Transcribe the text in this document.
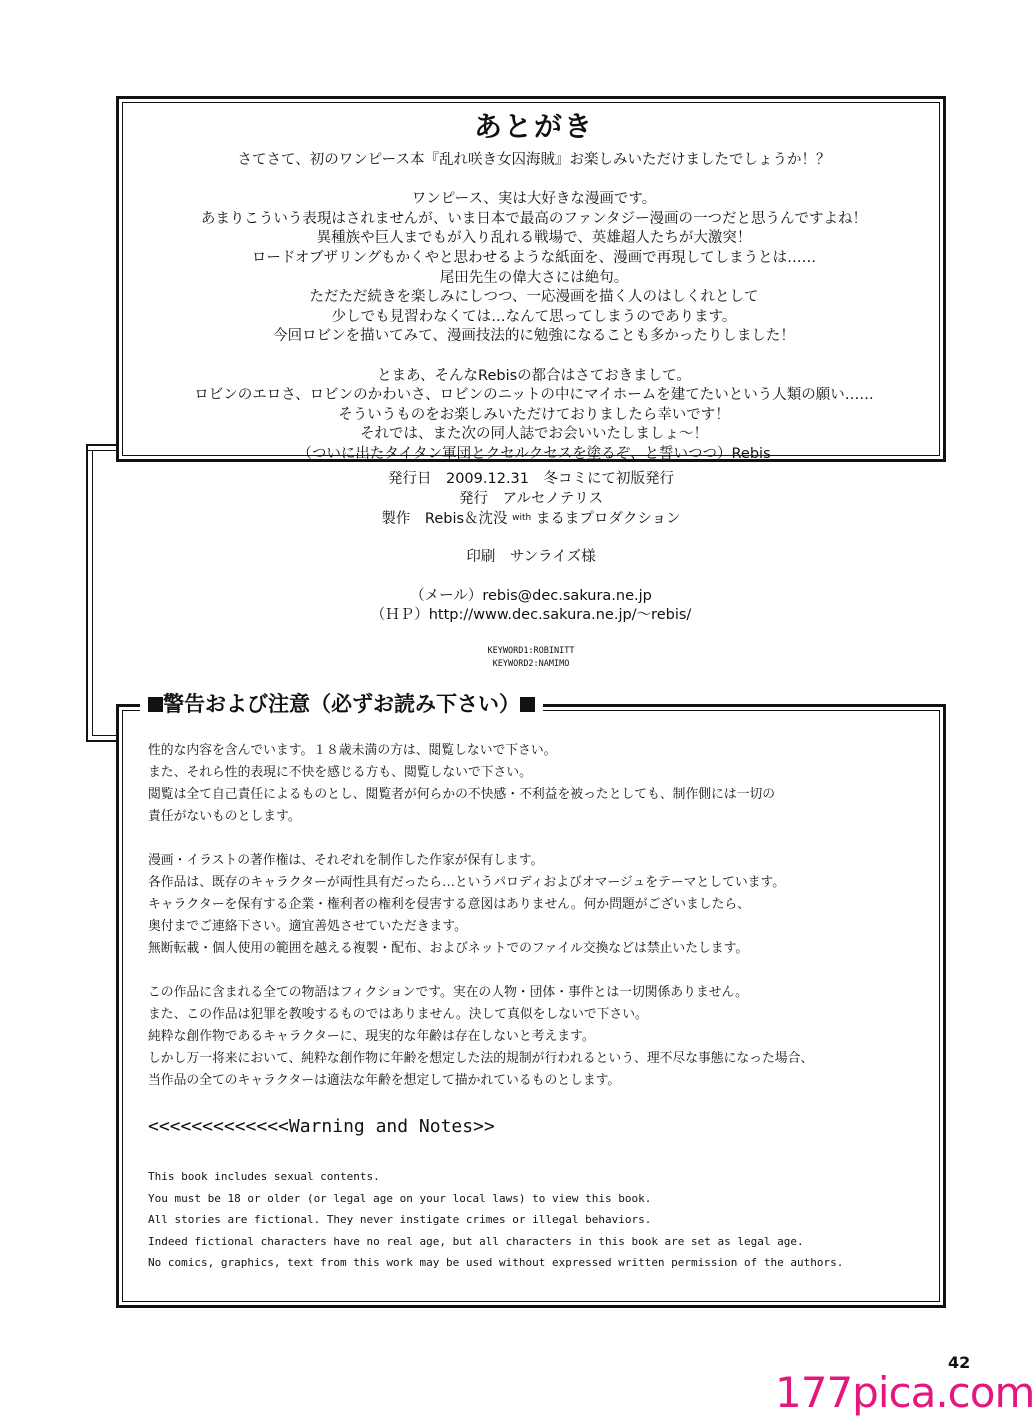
あとがき
さてさて、初のワンピース本『乱れ咲き女囚海賊』お楽しみいただけましたでしょうか！？

ワンピース、実は大好きな漫画です。
あまりこういう表現はされませんが、いま日本で最高のファンタジー漫画の一つだと思うんですよね！
異種族や巨人までもが入り乱れる戦場で、英雄超人たちが大激突！
ロードオブザリングもかくやと思わせるような紙面を、漫画で再現してしまうとは……
尾田先生の偉大さには絶句。
ただただ続きを楽しみにしつつ、一応漫画を描く人のはしくれとして
少しでも見習わなくては…なんて思ってしまうのであります。
今回ロビンを描いてみて、漫画技法的に勉強になることも多かったりしました！

とまあ、そんなRebisの都合はさておきまして。
ロビンのエロさ、ロビンのかわいさ、ロビンのニットの中にマイホームを建てたいという人類の願い……
そういうものをお楽しみいただけておりましたら幸いです！
それでは、また次の同人誌でお会いいたしましょ～！
（ついに出たタイタン軍団とクセルクセスを塗るぞ、と誓いつつ）Rebis
発行日　2009.12.31　冬コミにて初版発行
発行　アルセノテリス
製作　Rebis＆沈没 with まるまプロダクション
印刷　サンライズ様
（メール）rebis@dec.sakura.ne.jp
（ＨＰ）http://www.dec.sakura.ne.jp/～rebis/
KEYWORD1:ROBINITT
KEYWORD2:NAMIMO
警告および注意（必ずお読み下さい）
性的な内容を含んでいます。１８歳未満の方は、閲覧しないで下さい。
また、それら性的表現に不快を感じる方も、閲覧しないで下さい。
閲覧は全て自己責任によるものとし、閲覧者が何らかの不快感・不利益を被ったとしても、制作側には一切の
責任がないものとします。
漫画・イラストの著作権は、それぞれを制作した作家が保有します。
各作品は、既存のキャラクターが両性具有だったら…というパロディおよびオマージュをテーマとしています。
キャラクターを保有する企業・権利者の権利を侵害する意図はありません。何か問題がございましたら、
奥付までご連絡下さい。適宜善処させていただきます。
無断転載・個人使用の範囲を越える複製・配布、およびネットでのファイル交換などは禁止いたします。
この作品に含まれる全ての物語はフィクションです。実在の人物・団体・事件とは一切関係ありません。
また、この作品は犯罪を教唆するものではありません。決して真似をしないで下さい。
純粋な創作物であるキャラクターに、現実的な年齢は存在しないと考えます。
しかし万一将来において、純粋な創作物に年齢を想定した法的規制が行われるという、理不尽な事態になった場合、
当作品の全てのキャラクターは適法な年齢を想定して描かれているものとします。
<<<<<<<<<<<<<Warning and Notes>>
This book includes sexual contents.
You must be 18 or older (or legal age on your local laws) to view this book.
All stories are fictional. They never instigate crimes or illegal behaviors.
Indeed fictional characters have no real age, but all characters in this book are set as legal age.
No comics, graphics, text from this work may be used without expressed written permission of the authors.
42
177pica.com
